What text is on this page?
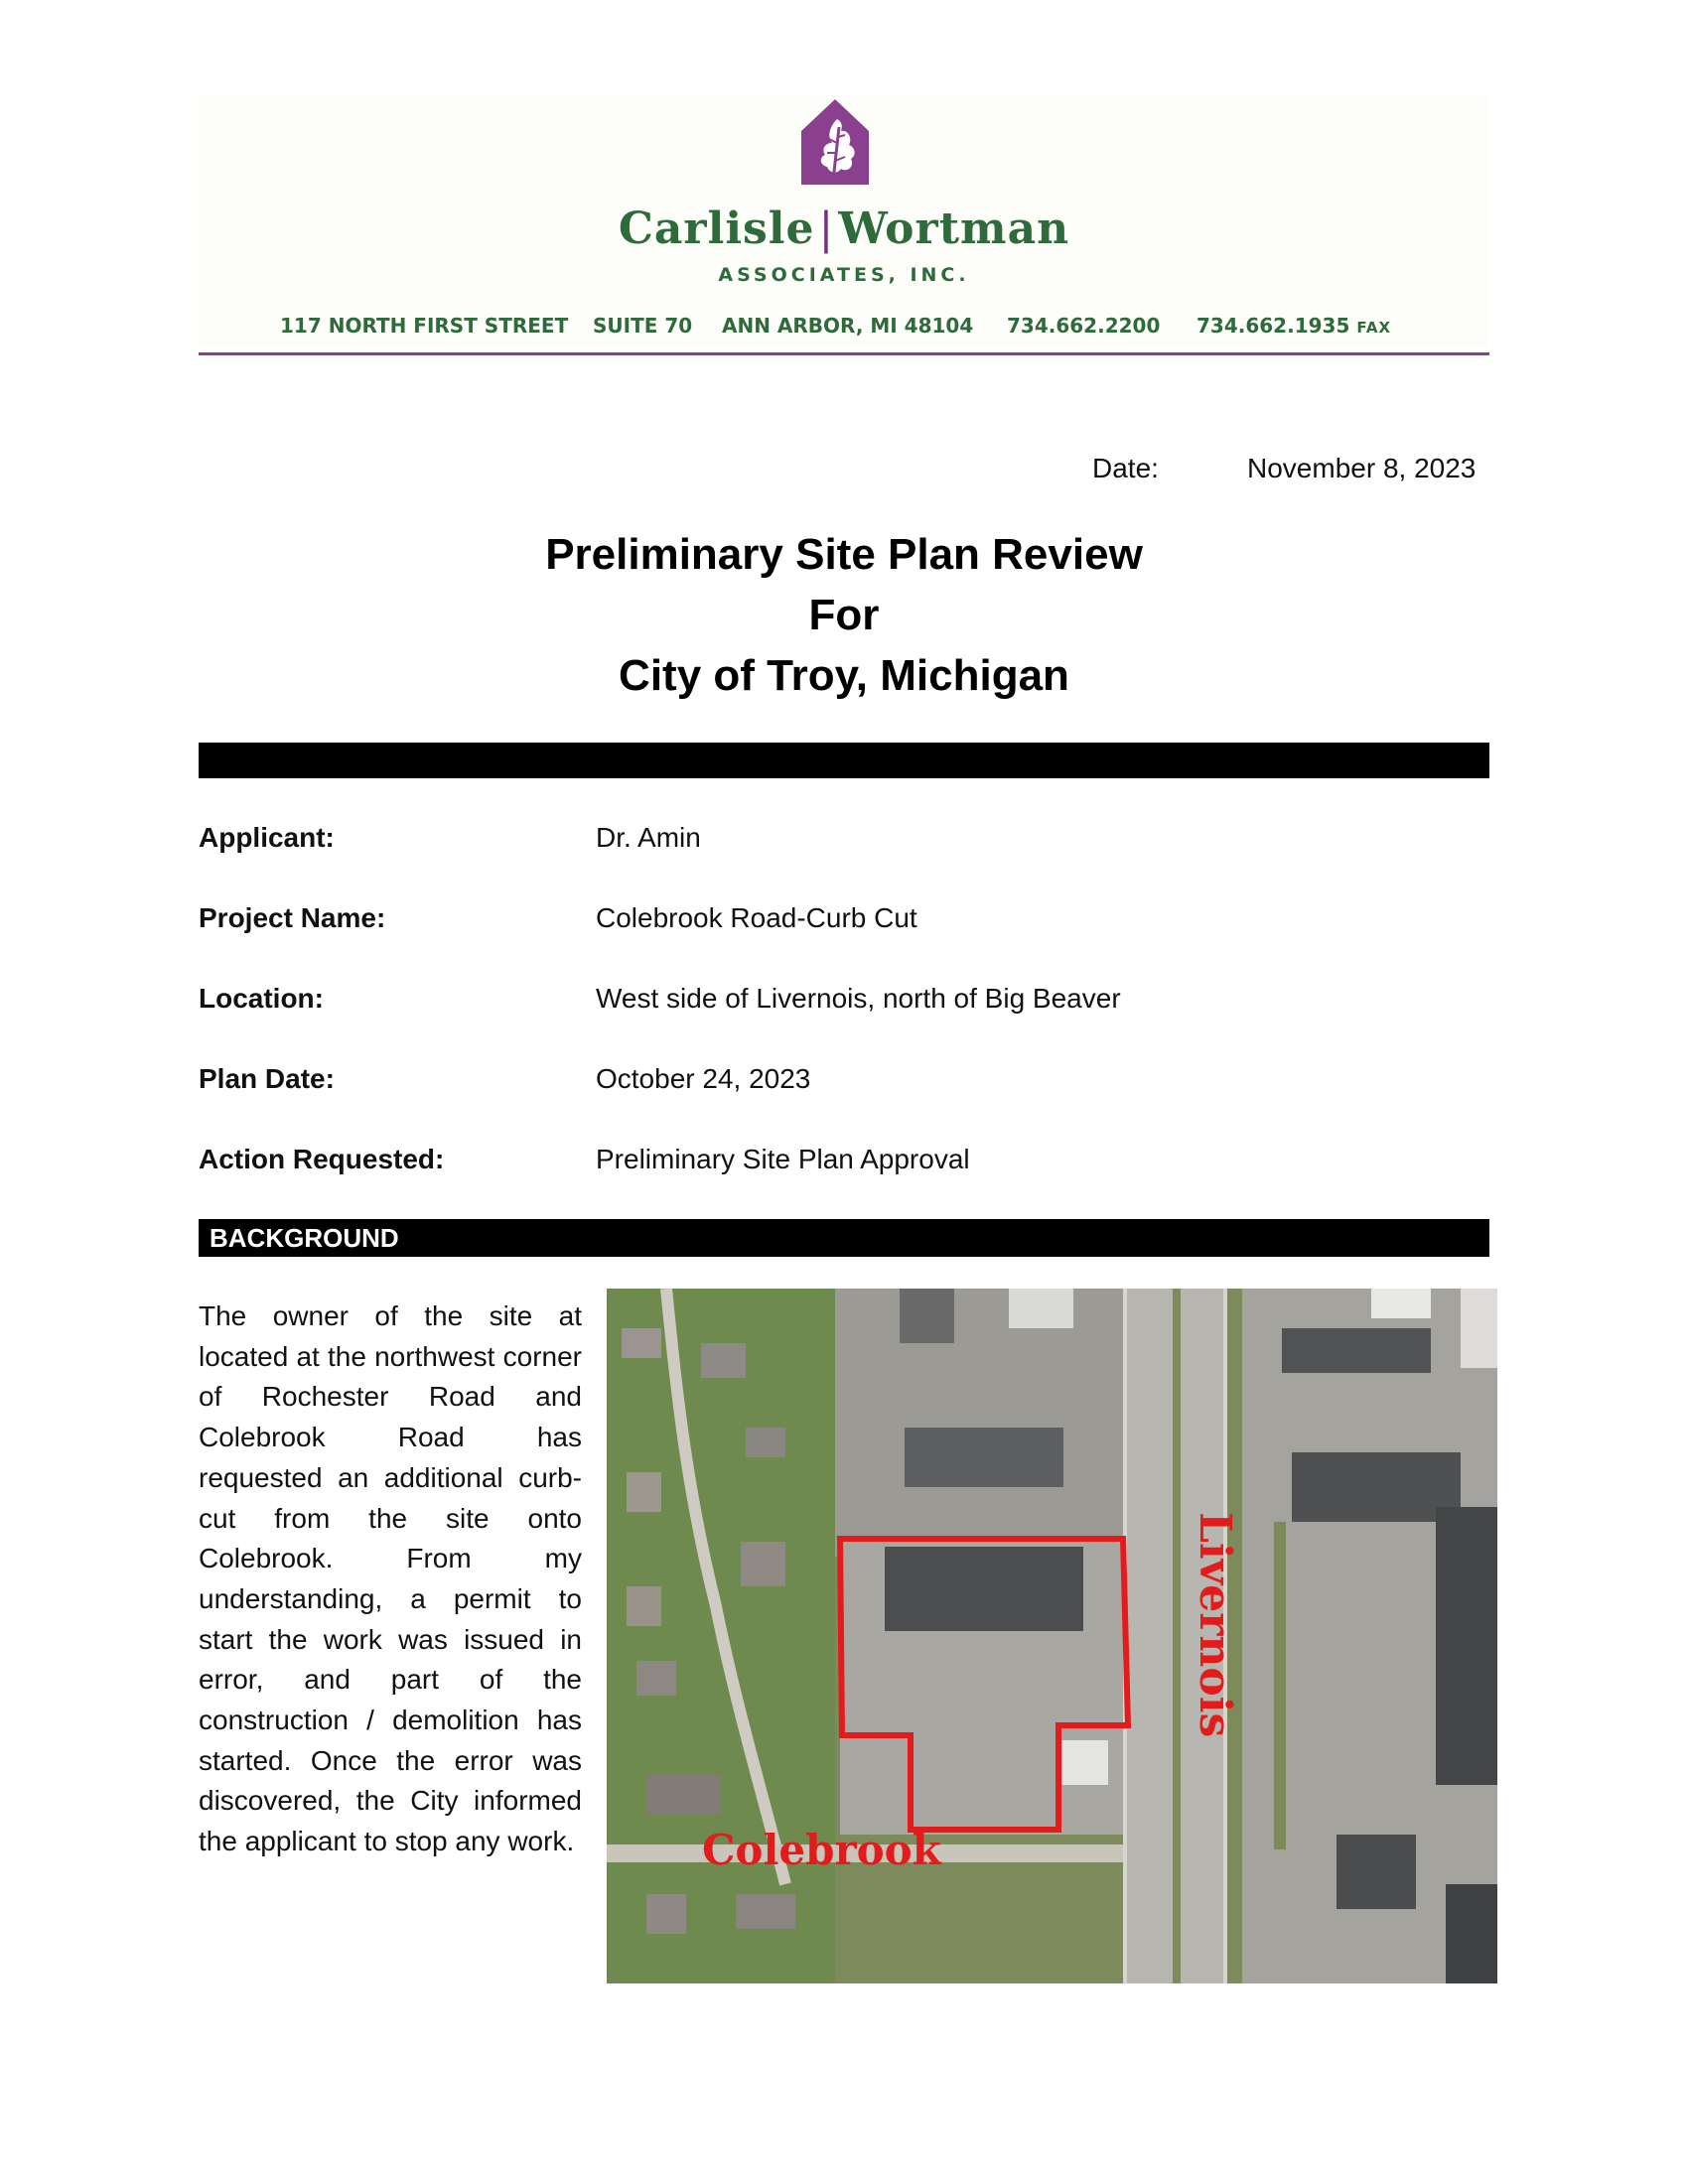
Carlisle|Wortman
ASSOCIATES, INC.
117 NORTH FIRST STREET SUITE 70 ANN ARBOR, MI 48104 734.662.2200 734.662.1935 FAX
Date:	November 8, 2023
Preliminary Site Plan Review
For
City of Troy, Michigan
Applicant:	Dr. Amin
Project Name:	Colebrook Road-Curb Cut
Location:	West side of Livernois, north of Big Beaver
Plan Date:	October 24, 2023
Action Requested:	Preliminary Site Plan Approval
BACKGROUND
The owner of the site at located at the northwest corner of Rochester Road and Colebrook Road has requested an additional curb-cut from the site onto Colebrook. From my understanding, a permit to start the work was issued in error, and part of the construction / demolition has started. Once the error was discovered, the City informed the applicant to stop any work.
Livernois
Colebrook
